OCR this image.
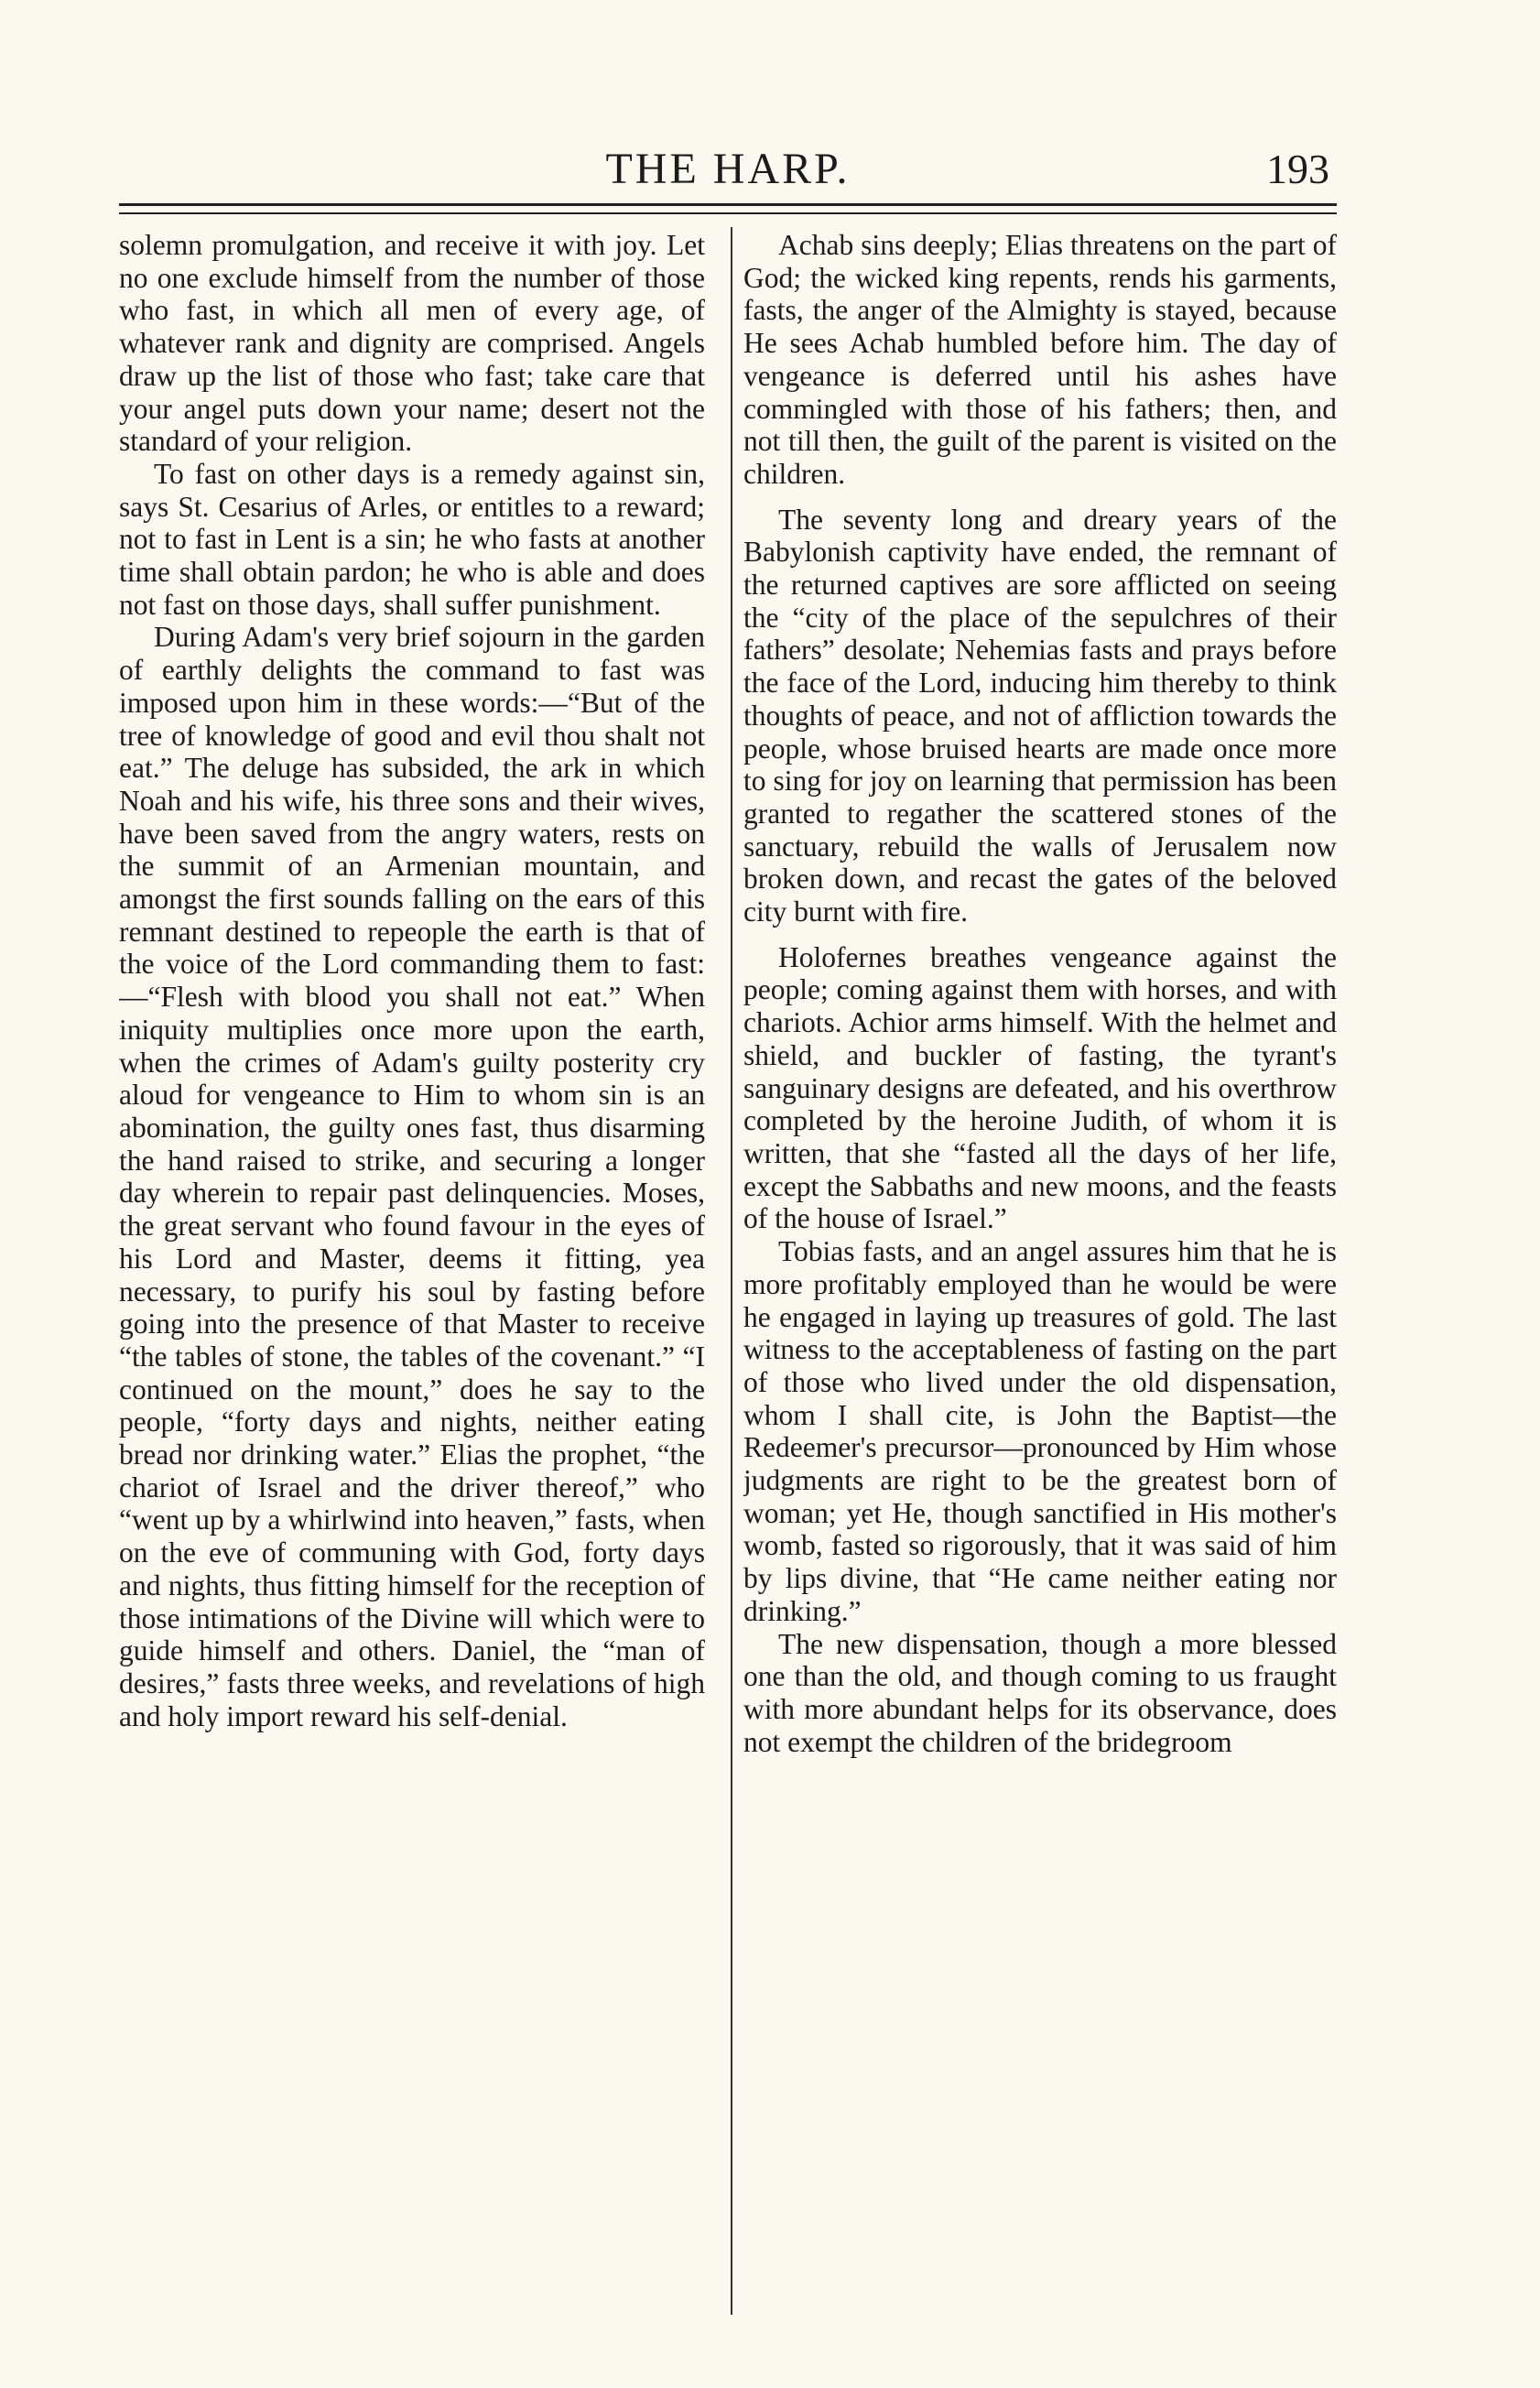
THE HARP.	193

solemn promulgation, and receive it with joy. Let no one exclude himself from the number of those who fast, in which all men of every age, of whatever rank and dignity are comprised. Angels draw up the list of those who fast; take care that your angel puts down your name; desert not the standard of your religion.

To fast on other days is a remedy against sin, says St. Cesarius of Arles, or entitles to a reward; not to fast in Lent is a sin; he who fasts at another time shall obtain pardon; he who is able and does not fast on those days, shall suffer punishment.

During Adam's very brief sojourn in the garden of earthly delights the command to fast was imposed upon him in these words:—“But of the tree of knowledge of good and evil thou shalt not eat.” The deluge has subsided, the ark in which Noah and his wife, his three sons and their wives, have been saved from the angry waters, rests on the summit of an Armenian mountain, and amongst the first sounds falling on the ears of this remnant destined to repeople the earth is that of the voice of the Lord commanding them to fast:—“Flesh with blood you shall not eat.” When iniquity multiplies once more upon the earth, when the crimes of Adam's guilty posterity cry aloud for vengeance to Him to whom sin is an abomination, the guilty ones fast, thus disarming the hand raised to strike, and securing a longer day wherein to repair past delinquencies. Moses, the great servant who found favour in the eyes of his Lord and Master, deems it fitting, yea necessary, to purify his soul by fasting before going into the presence of that Master to receive “the tables of stone, the tables of the covenant.” “I continued on the mount,” does he say to the people, “forty days and nights, neither eating bread nor drinking water.” Elias the prophet, “the chariot of Israel and the driver thereof,” who “went up by a whirlwind into heaven,” fasts, when on the eve of communing with God, forty days and nights, thus fitting himself for the reception of those intimations of the Divine will which were to guide himself and others. Daniel, the “man of desires,” fasts three weeks, and revelations of high and holy import reward his self-denial.

Achab sins deeply; Elias threatens on the part of God; the wicked king repents, rends his garments, fasts, the anger of the Almighty is stayed, because He sees Achab humbled before him. The day of vengeance is deferred until his ashes have commingled with those of his fathers; then, and not till then, the guilt of the parent is visited on the children.

The seventy long and dreary years of the Babylonish captivity have ended, the remnant of the returned captives are sore afflicted on seeing the “city of the place of the sepulchres of their fathers” desolate; Nehemias fasts and prays before the face of the Lord, inducing him thereby to think thoughts of peace, and not of affliction towards the people, whose bruised hearts are made once more to sing for joy on learning that permission has been granted to regather the scattered stones of the sanctuary, rebuild the walls of Jerusalem now broken down, and recast the gates of the beloved city burnt with fire.

Holofernes breathes vengeance against the people; coming against them with horses, and with chariots. Achior arms himself. With the helmet and shield, and buckler of fasting, the tyrant's sanguinary designs are defeated, and his overthrow completed by the heroine Judith, of whom it is written, that she “fasted all the days of her life, except the Sabbaths and new moons, and the feasts of the house of Israel.”

Tobias fasts, and an angel assures him that he is more profitably employed than he would be were he engaged in laying up treasures of gold. The last witness to the acceptableness of fasting on the part of those who lived under the old dispensation, whom I shall cite, is John the Baptist—the Redeemer's precursor—pronounced by Him whose judgments are right to be the greatest born of woman; yet He, though sanctified in His mother's womb, fasted so rigorously, that it was said of him by lips divine, that “He came neither eating nor drinking.”

The new dispensation, though a more blessed one than the old, and though coming to us fraught with more abundant helps for its observance, does not exempt the children of the bridegroom
